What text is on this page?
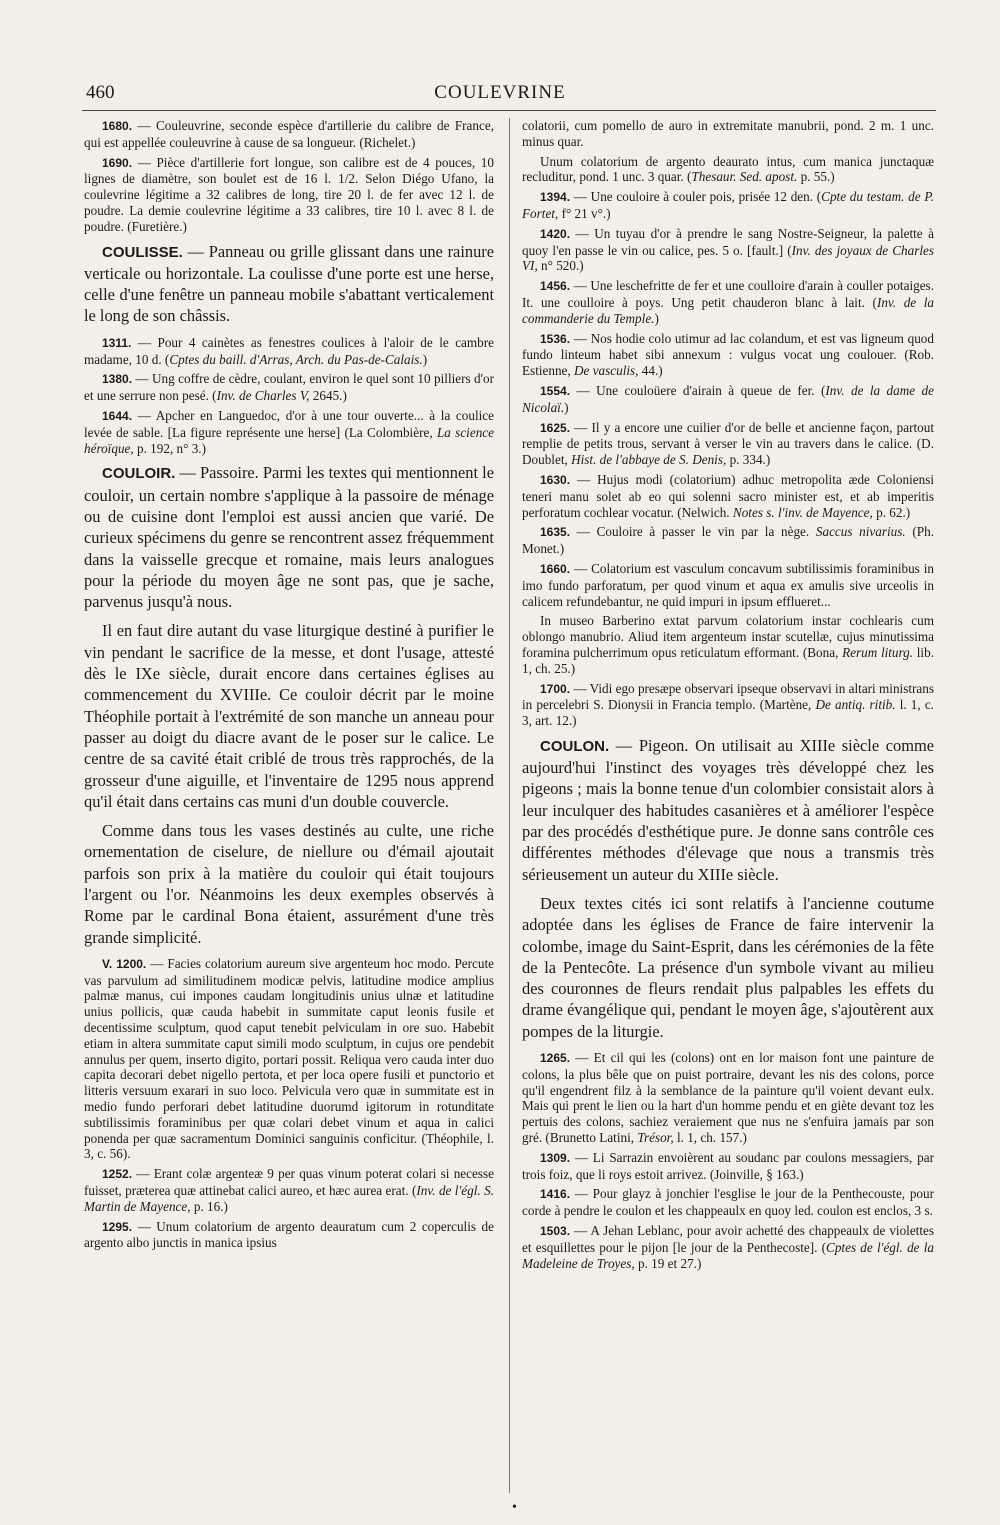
460	COULEVRINE

1680. — Couleuvrine, seconde espèce d'artillerie du calibre de France, qui est appellée couleuvrine à cause de sa longueur. (Richelet.)

1690. — Pièce d'artillerie fort longue, son calibre est de 4 pouces, 10 lignes de diamètre, son boulet est de 16 l. 1/2. Selon Diégo Ufano, la coulevrine légitime a 32 calibres de long, tire 20 l. de fer avec 12 l. de poudre. La demie coulevrine légitime a 33 calibres, tire 10 l. avec 8 l. de poudre. (Furetière.)

COULISSE. — Panneau ou grille glissant dans une rainure verticale ou horizontale. La coulisse d'une porte est une herse, celle d'une fenêtre un panneau mobile s'abattant verticalement le long de son châssis.

1311. — Pour 4 cainètes as fenestres coulices à l'aloir de le cambre madame, 10 d. (Cptes du baill. d'Arras, Arch. du Pas-de-Calais.)

1380. — Ung coffre de cèdre, coulant, environ le quel sont 10 pilliers d'or et une serrure non pesé. (Inv. de Charles V, 2645.)

1644. — Apcher en Languedoc, d'or à une tour ouverte... à la coulice levée de sable. [La figure représente une herse] (La Colombière, La science héroïque, p. 192, n° 3.)

COULOIR. — Passoire. Parmi les textes qui mentionnent le couloir, un certain nombre s'applique à la passoire de ménage ou de cuisine dont l'emploi est aussi ancien que varié. De curieux spécimens du genre se rencontrent assez fréquemment dans la vaisselle grecque et romaine, mais leurs analogues pour la période du moyen âge ne sont pas, que je sache, parvenus jusqu'à nous.

Il en faut dire autant du vase liturgique destiné à purifier le vin pendant le sacrifice de la messe, et dont l'usage, attesté dès le IXe siècle, durait encore dans certaines églises au commencement du XVIIIe. Ce couloir décrit par le moine Théophile portait à l'extrémité de son manche un anneau pour passer au doigt du diacre avant de le poser sur le calice. Le centre de sa cavité était criblé de trous très rapprochés, de la grosseur d'une aiguille, et l'inventaire de 1295 nous apprend qu'il était dans certains cas muni d'un double couvercle.

Comme dans tous les vases destinés au culte, une riche ornementation de ciselure, de niellure ou d'émail ajoutait parfois son prix à la matière du couloir qui était toujours l'argent ou l'or. Néanmoins les deux exemples observés à Rome par le cardinal Bona étaient, assurément d'une très grande simplicité.

V. 1200. — Facies colatorium aureum sive argenteum hoc modo. Percute vas parvulum ad similitudinem modicæ pelvis, latitudine modice amplius palmæ manus, cui impones caudam longitudinis unius ulnæ et latitudine unius pollicis, quæ cauda habebit in summitate caput leonis fusile et decentissime sculptum, quod caput tenebit pelviculam in ore suo. Habebit etiam in altera summitate caput simili modo sculptum, in cujus ore pendebit annulus per quem, inserto digito, portari possit. Reliqua vero cauda inter duo capita decorari debet nigello pertota, et per loca opere fusili et punctorio et litteris versuum exarari in suo loco. Pelvicula vero quæ in summitate est in medio fundo perforari debet latitudine duorumd igitorum in rotunditate subtilissimis foraminibus per quæ colari debet vinum et aqua in calici ponenda per quæ sacramentum Dominici sanguinis conficitur. (Théophile, l. 3, c. 56).

1252. — Erant colæ argenteæ 9 per quas vinum poterat colari si necesse fuisset, præterea quæ attinebat calici aureo, et hæc aurea erat. (Inv. de l'égl. S. Martin de Mayence, p. 16.)

1295. — Unum colatorium de argento deauratum cum 2 coperculis de argento albo junctis in manica ipsius

colatorii, cum pomello de auro in extremitate manubrii, pond. 2 m. 1 unc. minus quar.

Unum colatorium de argento deaurato intus, cum manica junctaquæ recluditur, pond. 1 unc. 3 quar. (Thesaur. Sed. apost. p. 55.)

1394. — Une couloire à couler pois, prisée 12 den. (Cpte du testam. de P. Fortet, f° 21 v°.)

1420. — Un tuyau d'or à prendre le sang Nostre-Seigneur, la palette à quoy l'en passe le vin ou calice, pes. 5 o. [fault.] (Inv. des joyaux de Charles VI, n° 520.)

1456. — Une leschefritte de fer et une coulloire d'arain à couller potaiges. It. une coulloire à poys. Ung petit chauderon blanc à lait. (Inv. de la commanderie du Temple.)

1536. — Nos hodie colo utimur ad lac colandum, et est vas ligneum quod fundo linteum habet sibi annexum : vulgus vocat ung coulouer. (Rob. Estienne, De vasculis, 44.)

1554. — Une couloüere d'airain à queue de fer. (Inv. de la dame de Nicolaï.)

1625. — Il y a encore une cuilier d'or de belle et ancienne façon, partout remplie de petits trous, servant à verser le vin au travers dans le calice. (D. Doublet, Hist. de l'abbaye de S. Denis, p. 334.)

1630. — Hujus modi (colatorium) adhuc metropolita æde Coloniensi teneri manu solet ab eo qui solenni sacro minister est, et ab imperitis perforatum cochlear vocatur. (Nelwich. Notes s. l'inv. de Mayence, p. 62.)

1635. — Couloire à passer le vin par la nège. Saccus nivarius. (Ph. Monet.)

1660. — Colatorium est vasculum concavum subtilissimis foraminibus in imo fundo parforatum, per quod vinum et aqua ex amulis sive urceolis in calicem refundebantur, ne quid impuri in ipsum efflueret...

In museo Barberino extat parvum colatorium instar cochlearis cum oblongo manubrio. Aliud item argenteum instar scutellæ, cujus minutissima foramina pulcherrimum opus reticulatum efformant. (Bona, Rerum liturg. lib. 1, ch. 25.)

1700. — Vidi ego presæpe observari ipseque observavi in altari ministrans in percelebri S. Dionysii in Francia templo. (Martène, De antiq. ritib. l. 1, c. 3, art. 12.)

COULON. — Pigeon. On utilisait au XIIIe siècle comme aujourd'hui l'instinct des voyages très développé chez les pigeons ; mais la bonne tenue d'un colombier consistait alors à leur inculquer des habitudes casanières et à améliorer l'espèce par des procédés d'esthétique pure. Je donne sans contrôle ces différentes méthodes d'élevage que nous a transmis très sérieusement un auteur du XIIIe siècle.

Deux textes cités ici sont relatifs à l'ancienne coutume adoptée dans les églises de France de faire intervenir la colombe, image du Saint-Esprit, dans les cérémonies de la fête de la Pentecôte. La présence d'un symbole vivant au milieu des couronnes de fleurs rendait plus palpables les effets du drame évangélique qui, pendant le moyen âge, s'ajoutèrent aux pompes de la liturgie.

1265. — Et cil qui les (colons) ont en lor maison font une painture de colons, la plus bêle que on puist portraire, devant les nis des colons, porce qu'il engendrent filz à la semblance de la painture qu'il voient devant eulx. Mais qui prent le lien ou la hart d'un homme pendu et en giète devant toz les pertuis des colons, sachiez veraiement que nus ne s'enfuira jamais par son gré. (Brunetto Latini, Trésor, l. 1, ch. 157.)

1309. — Li Sarrazin envoièrent au soudanc par coulons messagiers, par trois foiz, que li roys estoit arrivez. (Joinville, § 163.)

1416. — Pour glayz à jonchier l'esglise le jour de la Penthecouste, pour corde à pendre le coulon et les chappeaulx en quoy led. coulon est enclos, 3 s.

1503. — A Jehan Leblanc, pour avoir achetté des chappeaulx de violettes et esquillettes pour le pijon [le jour de la Penthecoste]. (Cptes de l'égl. de la Madeleine de Troyes, p. 19 et 27.)

•
